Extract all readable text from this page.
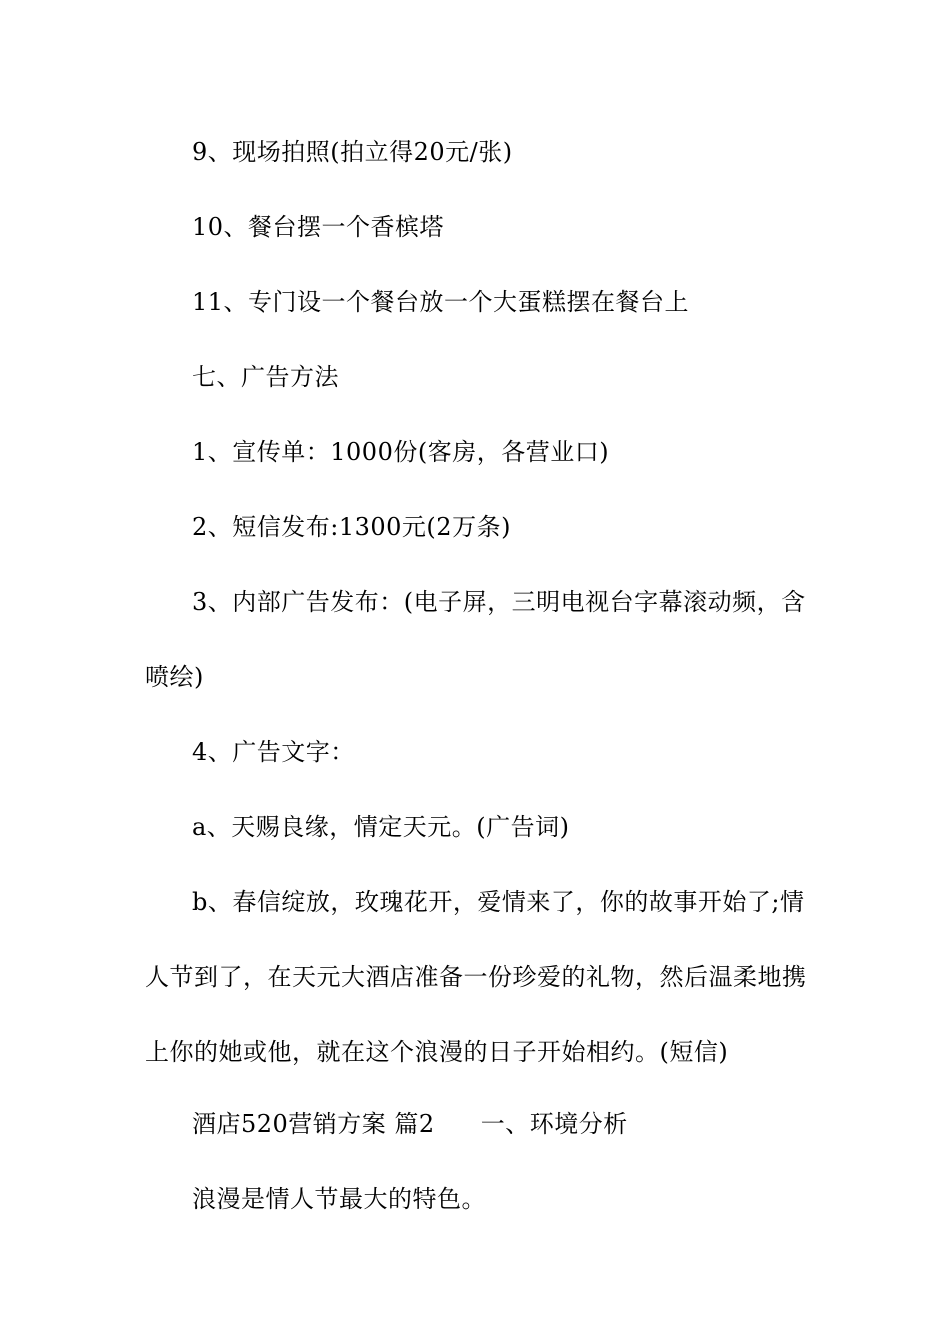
9、现场拍照(拍立得20元/张)
10、餐台摆一个香槟塔
11、专门设一个餐台放一个大蛋糕摆在餐台上
七、广告方法
1、宣传单：1000份(客房，各营业口)
2、短信发布:1300元(2万条)
3、内部广告发布：(电子屏，三明电视台字幕滚动频，含
喷绘)
4、广告文字：
a、天赐良缘，情定天元。(广告词)
b、春信绽放，玫瑰花开，爱情来了，你的故事开始了;情
人节到了，在天元大酒店准备一份珍爱的礼物，然后温柔地携
上你的她或他，就在这个浪漫的日子开始相约。(短信)
酒店520营销方案 篇2 一、环境分析
浪漫是情人节最大的特色。
